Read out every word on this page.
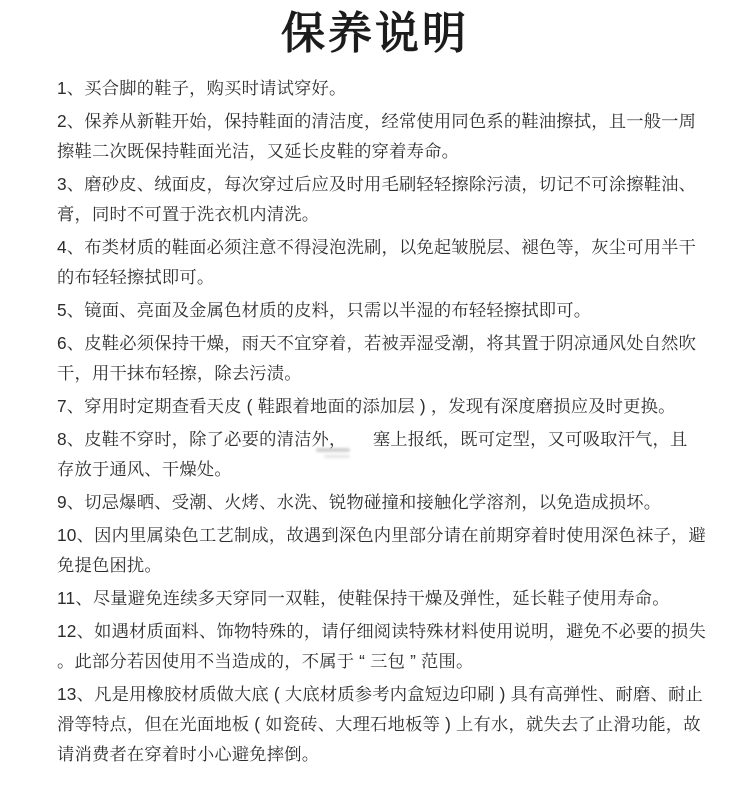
保养说明

1、买合脚的鞋子，购买时请试穿好。

2、保养从新鞋开始，保持鞋面的清洁度，经常使用同色系的鞋油擦拭，且一般一周
擦鞋二次既保持鞋面光洁，又延长皮鞋的穿着寿命。

3、磨砂皮、绒面皮，每次穿过后应及时用毛刷轻轻擦除污渍，切记不可涂擦鞋油、
膏，同时不可置于洗衣机内清洗。

4、布类材质的鞋面必须注意不得浸泡洗刷，以免起皱脱层、褪色等，灰尘可用半干
的布轻轻擦拭即可。

5、镜面、亮面及金属色材质的皮料，只需以半湿的布轻轻擦拭即可。

6、皮鞋必须保持干燥，雨天不宜穿着，若被弄湿受潮，将其置于阴凉通风处自然吹
干，用干抹布轻擦，除去污渍。

7、穿用时定期查看天皮 ( 鞋跟着地面的添加层 ) ，发现有深度磨损应及时更换。

8、皮鞋不穿时，除了必要的清洁外，　　塞上报纸，既可定型，又可吸取汗气，且
存放于通风、干燥处。

9、切忌爆晒、受潮、火烤、水洗、锐物碰撞和接触化学溶剂，以免造成损坏。

10、因内里属染色工艺制成，故遇到深色内里部分请在前期穿着时使用深色袜子，避
免提色困扰。

11、尽量避免连续多天穿同一双鞋，使鞋保持干燥及弹性，延长鞋子使用寿命。

12、如遇材质面料、饰物特殊的，请仔细阅读特殊材料使用说明，避免不必要的损失
。此部分若因使用不当造成的，不属于 “ 三包 ” 范围。

13、凡是用橡胶材质做大底 ( 大底材质参考内盒短边印刷 ) 具有高弹性、耐磨、耐止
滑等特点，但在光面地板 ( 如瓷砖、大理石地板等 ) 上有水，就失去了止滑功能，故
请消费者在穿着时小心避免摔倒。
